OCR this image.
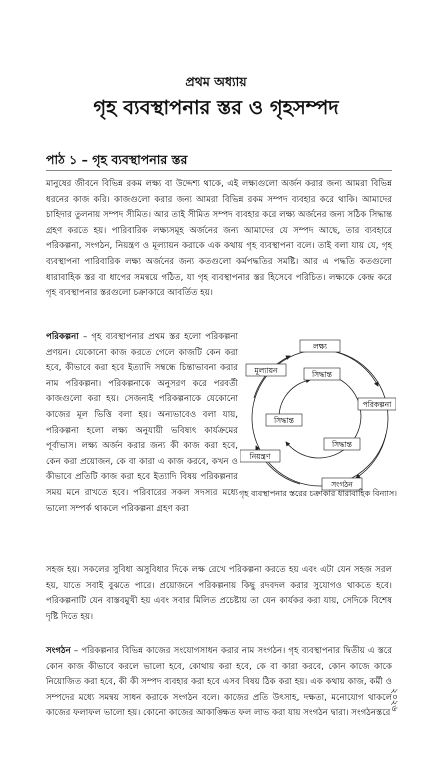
প্রথম অধ্যায়
গৃহ ব্যবস্থাপনার স্তর ও গৃহসম্পদ
পাঠ ১ – গৃহ ব্যবস্থাপনার স্তর
মানুষের জীবনে বিভিন্ন রকম লক্ষ্য বা উদ্দেশ্য থাকে, এই লক্ষ্যগুলো অর্জন করার জন্য আমরা বিভিন্ন ধরনের কাজ করি। কাজগুলো করার জন্য আমরা বিভিন্ন রকম সম্পদ ব্যবহার করে থাকি। আমাদের চাহিদার তুলনায় সম্পদ সীমিত। আর তাই সীমিত সম্পদ ব্যবহার করে লক্ষ্য অর্জনের জন্য সঠিক সিদ্ধান্ত গ্রহণ করতে হয়। পারিবারিক লক্ষ্যসমূহ অর্জনের জন্য আমাদের যে সম্পদ আছে, তার ব্যবহারে পরিকল্পনা, সংগঠন, নিয়ন্ত্রণ ও মূল্যায়ন করাকে এক কথায় গৃহ ব্যবস্থাপনা বলে। তাই বলা যায় যে, গৃহ ব্যবস্থাপনা পারিবারিক লক্ষ্য অর্জনের জন্য কতগুলো কর্মপদ্ধতির সমষ্টি। আর এ পদ্ধতি কতগুলো ধারাবাহিক স্তর বা ধাপের সমন্বয়ে গঠিত, যা গৃহ ব্যবস্থাপনার স্তর হিসেবে পরিচিত। লক্ষ্যকে কেন্দ্র করে গৃহ ব্যবস্থাপনার স্তরগুলো চক্রাকারে আবর্তিত হয়।
পরিকল্পনা – গৃহ ব্যবস্থাপনার প্রথম স্তর হলো পরিকল্পনা প্রণয়ন। যেকোনো কাজ করতে গেলে কাজটি কেন করা হবে, কীভাবে করা হবে ইত্যাদি সম্বন্ধে চিন্তাভাবনা করার নাম পরিকল্পনা। পরিকল্পনাকে অনুসরণ করে পরবর্তী কাজগুলো করা হয়। সেজন্যই পরিকল্পনাকে যেকোনো কাজের মূল ভিত্তি বলা হয়। অন্যভাবেও বলা যায়, পরিকল্পনা হলো লক্ষ্য অনুযায়ী ভবিষ্যৎ কার্যক্রমের পূর্বাভাস। লক্ষ্য অর্জন করার জন্য কী কাজ করা হবে, কেন করা প্রয়োজন, কে বা কারা এ কাজ করবে, কখন ও কীভাবে প্রতিটি কাজ করা হবে ইত্যাদি বিষয় পরিকল্পনার সময় মনে রাখতে হবে। পরিবারের সকল সদস্যর মধ্যে ভালো সম্পর্ক থাকলে পরিকল্পনা গ্রহণ করা
লক্ষ্য
পরিকল্পনা
সংগঠন
নিয়ন্ত্রণ
মূল্যায়ন	সিদ্ধান্ত
সিদ্ধান্ত
সিদ্ধান্ত
গৃহ ব্যবস্থাপনার স্তরের চক্রাকার ধারাবাহিক বিন্যাস।
সহজ হয়। সকলের সুবিধা অসুবিধার দিকে লক্ষ রেখে পরিকল্পনা করতে হয় এবং এটা যেন সহজ সরল হয়, যাতে সবাই বুঝতে পারে। প্রয়োজনে পরিকল্পনায় কিছু রদবদল করার সুযোগও থাকতে হবে। পরিকল্পনাটি যেন বাস্তবমুখী হয় এবং সবার মিলিত প্রচেষ্টায় তা যেন কার্যকর করা যায়, সেদিকে বিশেষ দৃষ্টি দিতে হয়।
সংগঠন – পরিকল্পনার বিভিন্ন কাজের সংযোগসাধন করার নাম সংগঠন। গৃহ ব্যবস্থাপনার দ্বিতীয় এ স্তরে কোন কাজ কীভাবে করলে ভালো হবে, কোথায় করা হবে, কে বা কারা করবে, কোন কাজে কাকে নিয়োজিত করা হবে, কী কী সম্পদ ব্যবহার করা হবে এসব বিষয় ঠিক করা হয়। এক কথায় কাজ, কর্মী ও সম্পদের মধ্যে সমন্বয় সাধন করাকে সংগঠন বলে। কাজের প্রতি উৎসাহ, দক্ষতা, মনোযোগ থাকলে কাজের ফলাফল ভালো হয়। কোনো কাজের আকাঙ্ক্ষিত ফল লাভ করা যায় সংগঠন দ্বারা। সংগঠনস্তরে
২০২৬
